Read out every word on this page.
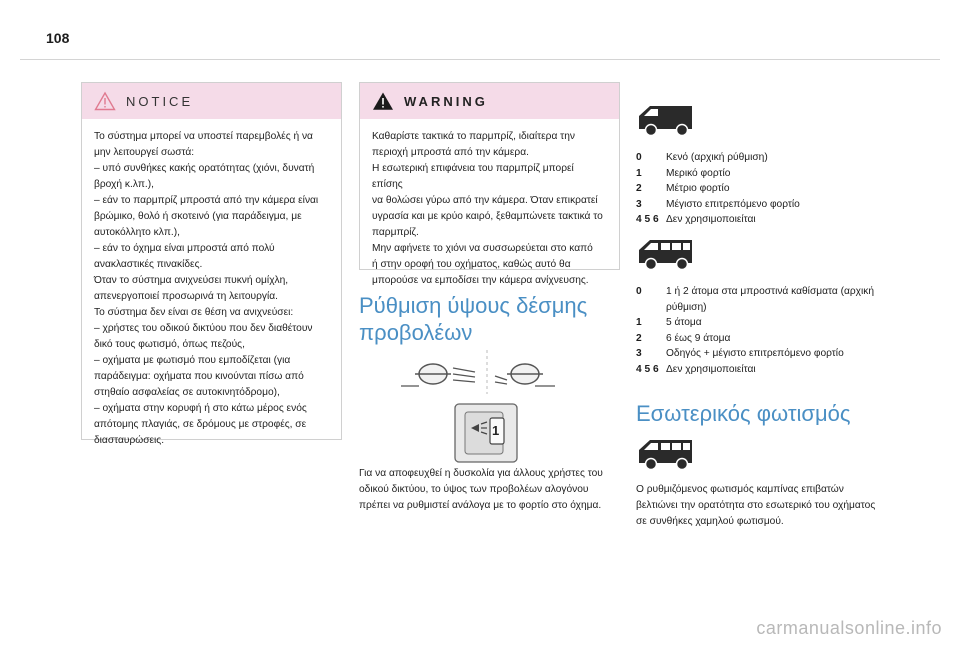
108
NOTICE

Το σύστημα μπορεί να υποστεί παρεμβολές ή να

μην λειτουργεί σωστά:

– υπό συνθήκες κακής ορατότητας (χιόνι, δυνατή

βροχή κ.λπ.),

– εάν το παρμπρίζ μπροστά από την κάμερα είναι

βρώμικο, θολό ή σκοτεινό (για παράδειγμα, με

αυτοκόλλητο κλπ.),

– εάν το όχημα είναι μπροστά από πολύ

ανακλαστικές πινακίδες.

Όταν το σύστημα ανιχνεύσει πυκνή ομίχλη,

απενεργοποιεί προσωρινά τη λειτουργία.

Το σύστημα δεν είναι σε θέση να ανιχνεύσει:

– χρήστες του οδικού δικτύου που δεν διαθέτουν

δικό τους φωτισμό, όπως πεζούς,

– οχήματα με φωτισμό που εμποδίζεται (για

παράδειγμα: οχήματα που κινούνται πίσω από

στηθαίο ασφαλείας σε αυτοκινητόδρομο),

– οχήματα στην κορυφή ή στο κάτω μέρος ενός

απότομης πλαγιάς, σε δρόμους με στροφές, σε

διασταυρώσεις.

WARNING

Καθαρίστε τακτικά το παρμπρίζ, ιδιαίτερα την

περιοχή μπροστά από την κάμερα.

Η εσωτερική επιφάνεια του παρμπρίζ μπορεί επίσης

να θολώσει γύρω από την κάμερα. Όταν επικρατεί

υγρασία και με κρύο καιρό, ξεθαμπώνετε τακτικά το

παρμπρίζ.

Μην αφήνετε το χιόνι να συσσωρεύεται στο καπό

ή στην οροφή του οχήματος, καθώς αυτό θα

μπορούσε να εμποδίσει την κάμερα ανίχνευσης.

Ρύθμιση ύψους δέσμης
προβολέων
1
Για να αποφευχθεί η δυσκολία για άλλους χρήστες του
οδικού δικτύου, το ύψος των προβολέων αλογόνου
πρέπει να ρυθμιστεί ανάλογα με το φορτίο στο όχημα.
0	Κενό (αρχική ρύθμιση)
1	Μερικό φορτίο
2	Μέτριο φορτίο
3	Μέγιστο επιτρεπόμενο φορτίο
4 5 6 Δεν χρησιμοποιείται
0	1 ή 2 άτομα στα μπροστινά καθίσματα (αρχική
ρύθμιση)
1	5 άτομα
2	6 έως 9 άτομα
3	Οδηγός + μέγιστο επιτρεπόμενο φορτίο
4 5 6 Δεν χρησιμοποιείται
Εσωτερικός φωτισμός
Ο ρυθμιζόμενος φωτισμός καμπίνας επιβατών
βελτιώνει την ορατότητα στο εσωτερικό του οχήματος
σε συνθήκες χαμηλού φωτισμού.
carmanualsonline.info
